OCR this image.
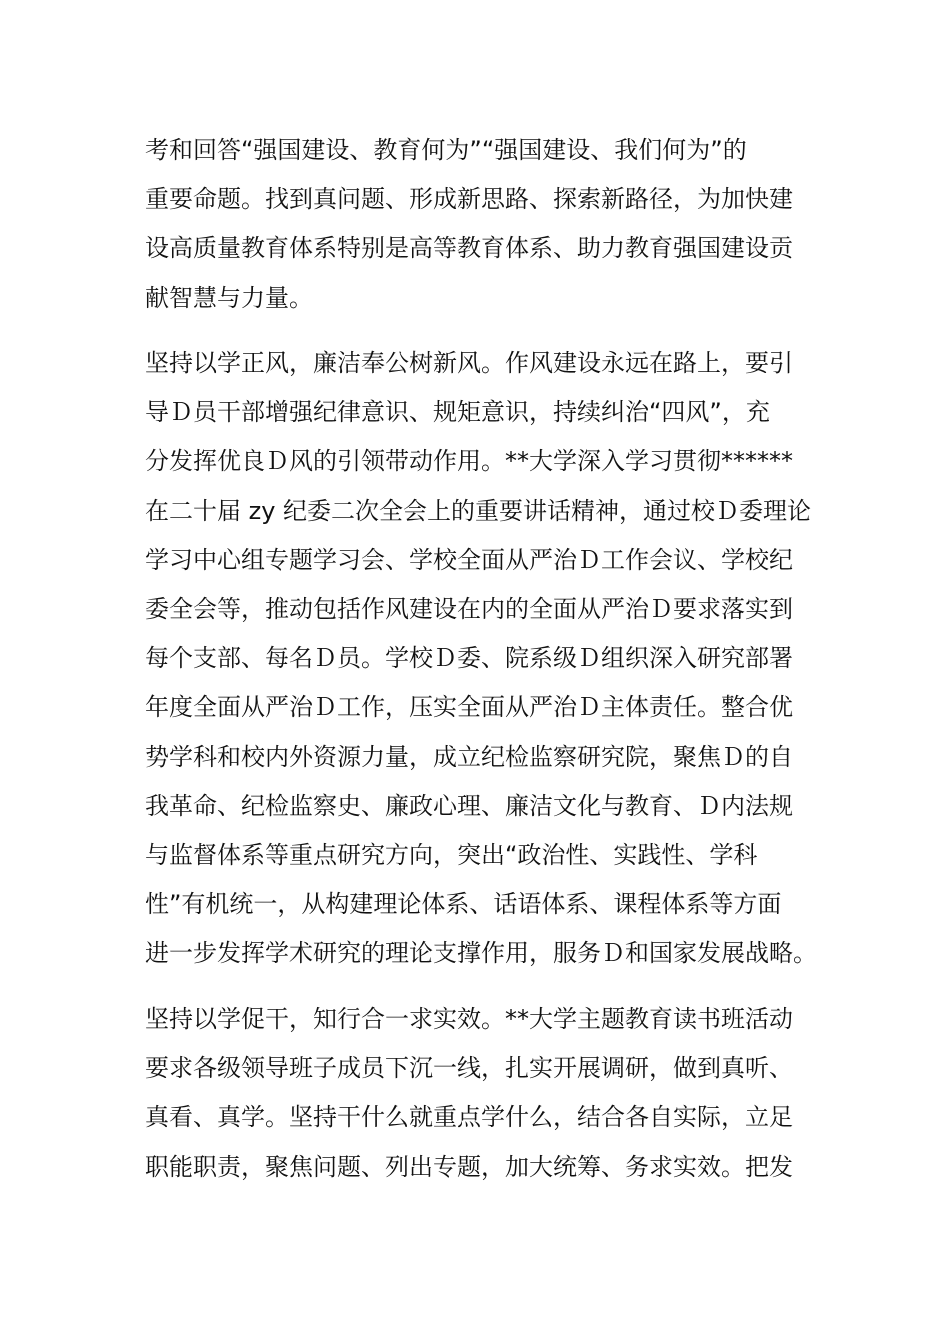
考和回答“强国建设、教育何为”“强国建设、我们何为”的
重要命题。找到真问题、形成新思路、探索新路径，为加快建
设高质量教育体系特别是高等教育体系、助力教育强国建设贡
献智慧与力量。
坚持以学正风，廉洁奉公树新风。作风建设永远在路上，要引
导Ｄ员干部增强纪律意识、规矩意识，持续纠治“四风”，充
分发挥优良Ｄ风的引领带动作用。**大学深入学习贯彻******
在二十届 zy 纪委二次全会上的重要讲话精神，通过校Ｄ委理论
学习中心组专题学习会、学校全面从严治Ｄ工作会议、学校纪
委全会等，推动包括作风建设在内的全面从严治Ｄ要求落实到
每个支部、每名Ｄ员。学校Ｄ委、院系级Ｄ组织深入研究部署
年度全面从严治Ｄ工作，压实全面从严治Ｄ主体责任。整合优
势学科和校内外资源力量，成立纪检监察研究院，聚焦Ｄ的自
我革命、纪检监察史、廉政心理、廉洁文化与教育、Ｄ内法规
与监督体系等重点研究方向，突出“政治性、实践性、学科
性”有机统一，从构建理论体系、话语体系、课程体系等方面
进一步发挥学术研究的理论支撑作用，服务Ｄ和国家发展战略。
坚持以学促干，知行合一求实效。**大学主题教育读书班活动
要求各级领导班子成员下沉一线，扎实开展调研，做到真听、
真看、真学。坚持干什么就重点学什么，结合各自实际，立足
职能职责，聚焦问题、列出专题，加大统筹、务求实效。把发
